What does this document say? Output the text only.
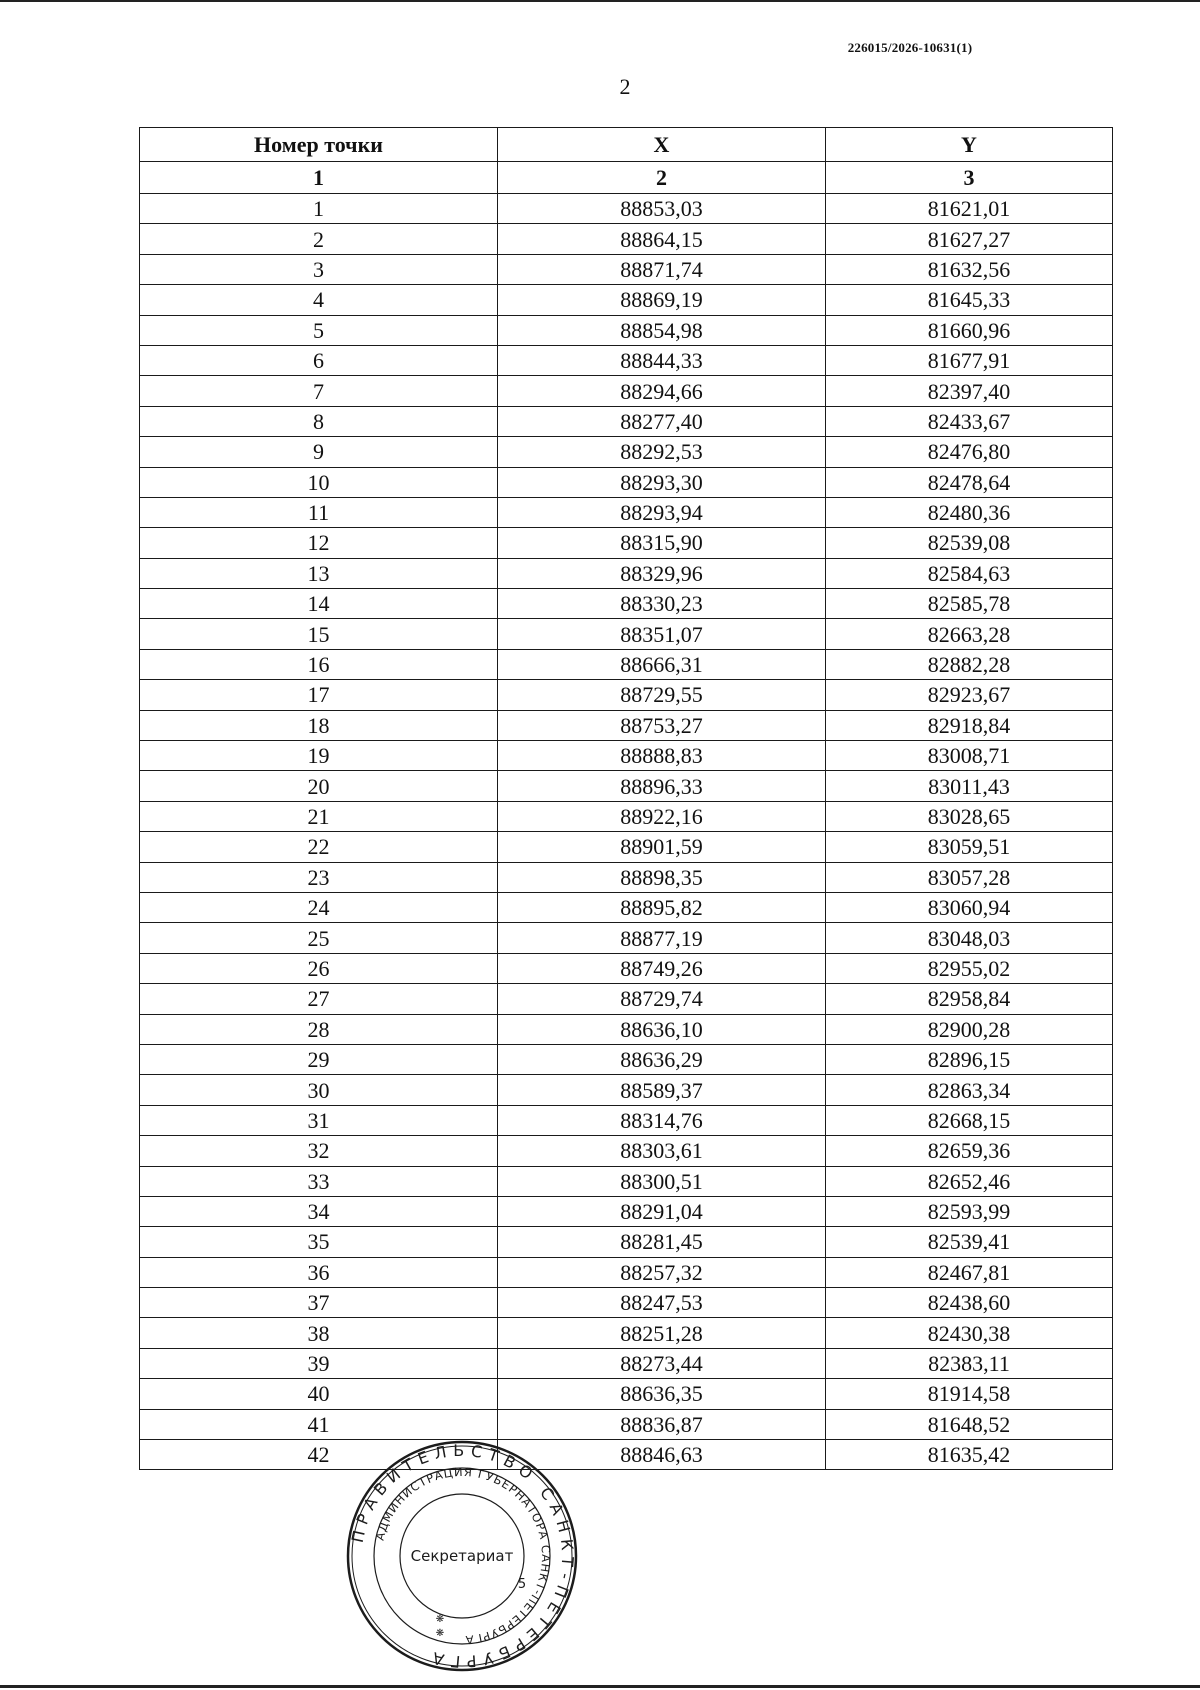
226015/2026-10631(1)
2
Номер точки	X	Y
1	2	3
1	88853,03	81621,01
2	88864,15	81627,27
3	88871,74	81632,56
4	88869,19	81645,33
5	88854,98	81660,96
6	88844,33	81677,91
7	88294,66	82397,40
8	88277,40	82433,67
9	88292,53	82476,80
10	88293,30	82478,64
11	88293,94	82480,36
12	88315,90	82539,08
13	88329,96	82584,63
14	88330,23	82585,78
15	88351,07	82663,28
16	88666,31	82882,28
17	88729,55	82923,67
18	88753,27	82918,84
19	88888,83	83008,71
20	88896,33	83011,43
21	88922,16	83028,65
22	88901,59	83059,51
23	88898,35	83057,28
24	88895,82	83060,94
25	88877,19	83048,03
26	88749,26	82955,02
27	88729,74	82958,84
28	88636,10	82900,28
29	88636,29	82896,15
30	88589,37	82863,34
31	88314,76	82668,15
32	88303,61	82659,36
33	88300,51	82652,46
34	88291,04	82593,99
35	88281,45	82539,41
36	88257,32	82467,81
37	88247,53	82438,60
38	88251,28	82430,38
39	88273,44	82383,11
40	88636,35	81914,58
41	88836,87	81648,52
42	88846,63	81635,42
ПРАВИТЕЛЬСТВО САНКТ-ПЕТЕРБУРГА
АДМИНИСТРАЦИЯ ГУБЕРНАТОРА САНКТ-ПЕТЕРБУРГА
Секретариат
5
❋
❋
